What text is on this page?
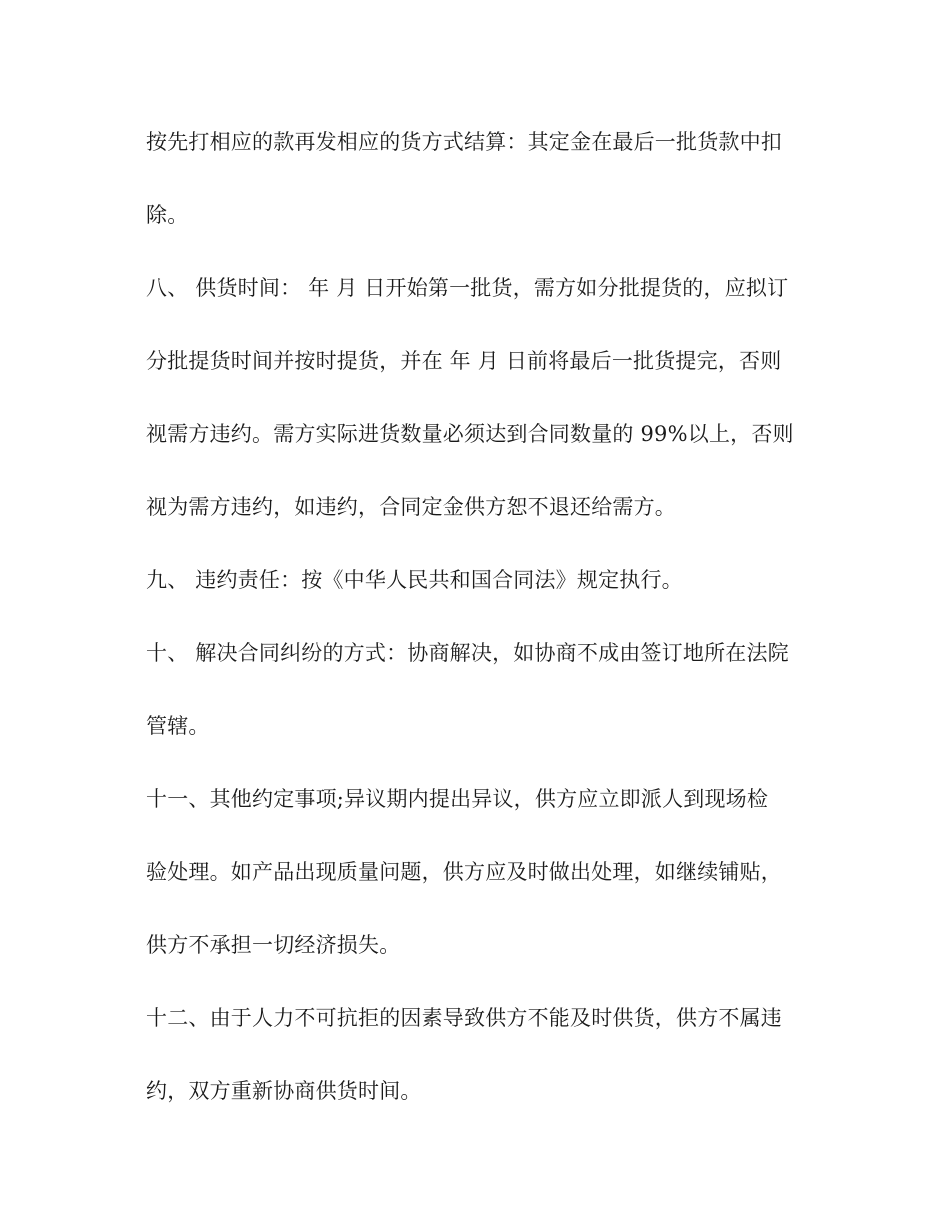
按先打相应的款再发相应的货方式结算：其定金在最后一批货款中扣
除。
八、 供货时间： 年 月 日开始第一批货，需方如分批提货的，应拟订
分批提货时间并按时提货，并在 年 月 日前将最后一批货提完，否则
视需方违约。需方实际进货数量必须达到合同数量的 99%以上，否则
视为需方违约，如违约，合同定金供方恕不退还给需方。
九、 违约责任：按《中华人民共和国合同法》规定执行。
十、 解决合同纠纷的方式：协商解决，如协商不成由签订地所在法院
管辖。
十一、其他约定事项;异议期内提出异议，供方应立即派人到现场检
验处理。如产品出现质量问题，供方应及时做出处理，如继续铺贴，
供方不承担一切经济损失。
十二、由于人力不可抗拒的因素导致供方不能及时供货，供方不属违
约，双方重新协商供货时间。
